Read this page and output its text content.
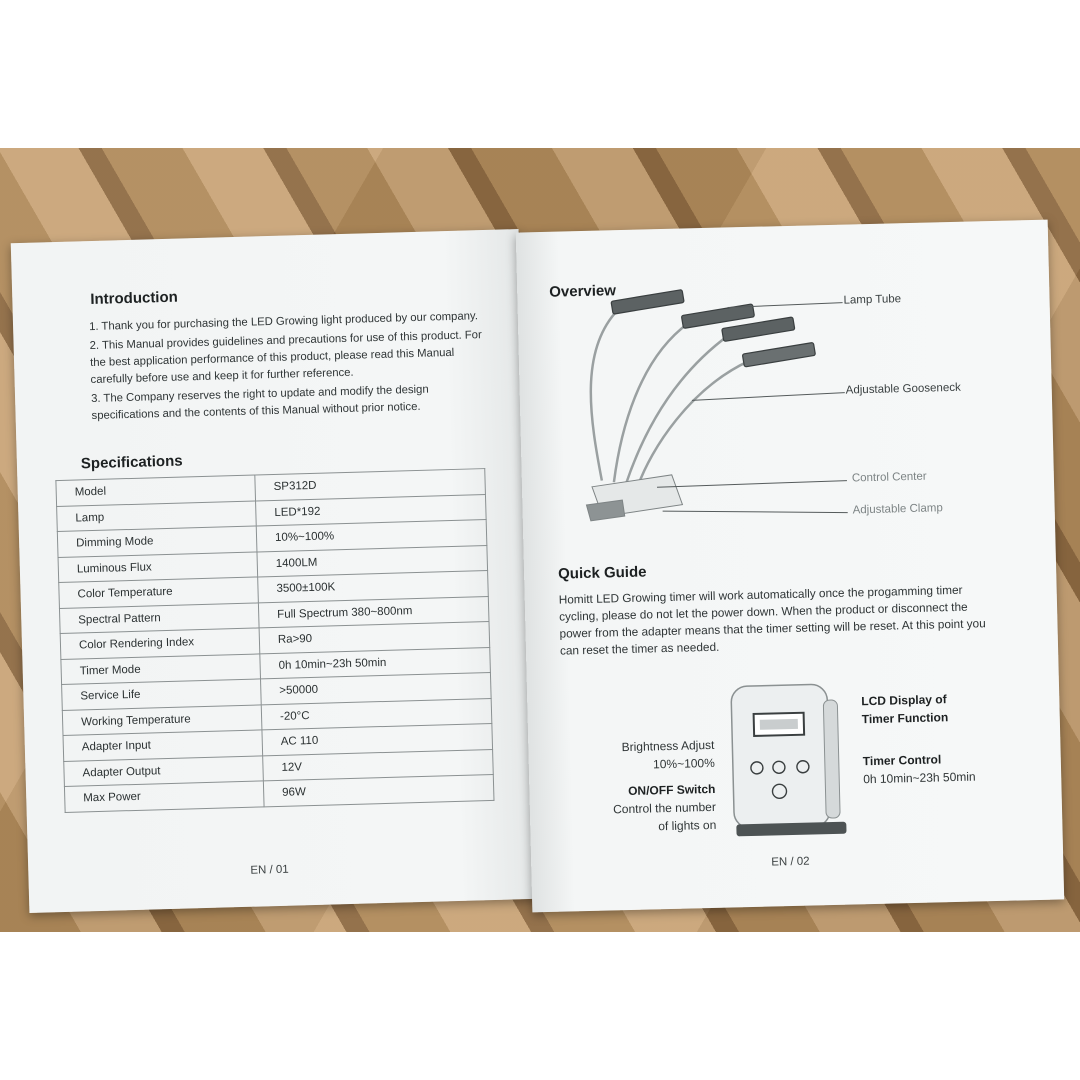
Introduction
1. Thank you for purchasing the LED Growing light produced by our company.
2. This Manual provides guidelines and precautions for use of this product. For the best application performance of this product, please read this Manual carefully before use and keep it for further reference.
3. The Company reserves the right to update and modify the design specifications and the contents of this Manual without prior notice.
Specifications
Model	SP312D
Lamp	LED*192
Dimming Mode	10%~100%
Luminous Flux	1400LM
Color Temperature	3500±100K
Spectral Pattern	Full Spectrum 380~800nm
Color Rendering Index	Ra>90
Timer Mode	0h 10min~23h 50min
Service Life	>50000
Working Temperature	-20°C
Adapter Input	AC 110
Adapter Output	12V
Max Power	96W
EN / 01
Overview	Lamp Tube
Adjustable Gooseneck
Control Center
Adjustable Clamp
Quick Guide

Homitt LED Growing timer will work automatically once the progamming timer cycling, please do not let the power down. When the product or disconnect the power from the adapter means that the timer setting will be reset. At this point you can reset the timer as needed.

LCD Display of
Timer Function
Brightness Adjust
10%~100%	Timer Control
0h 10min~23h 50min
ON/OFF Switch
Control the number
of lights on
EN / 02
